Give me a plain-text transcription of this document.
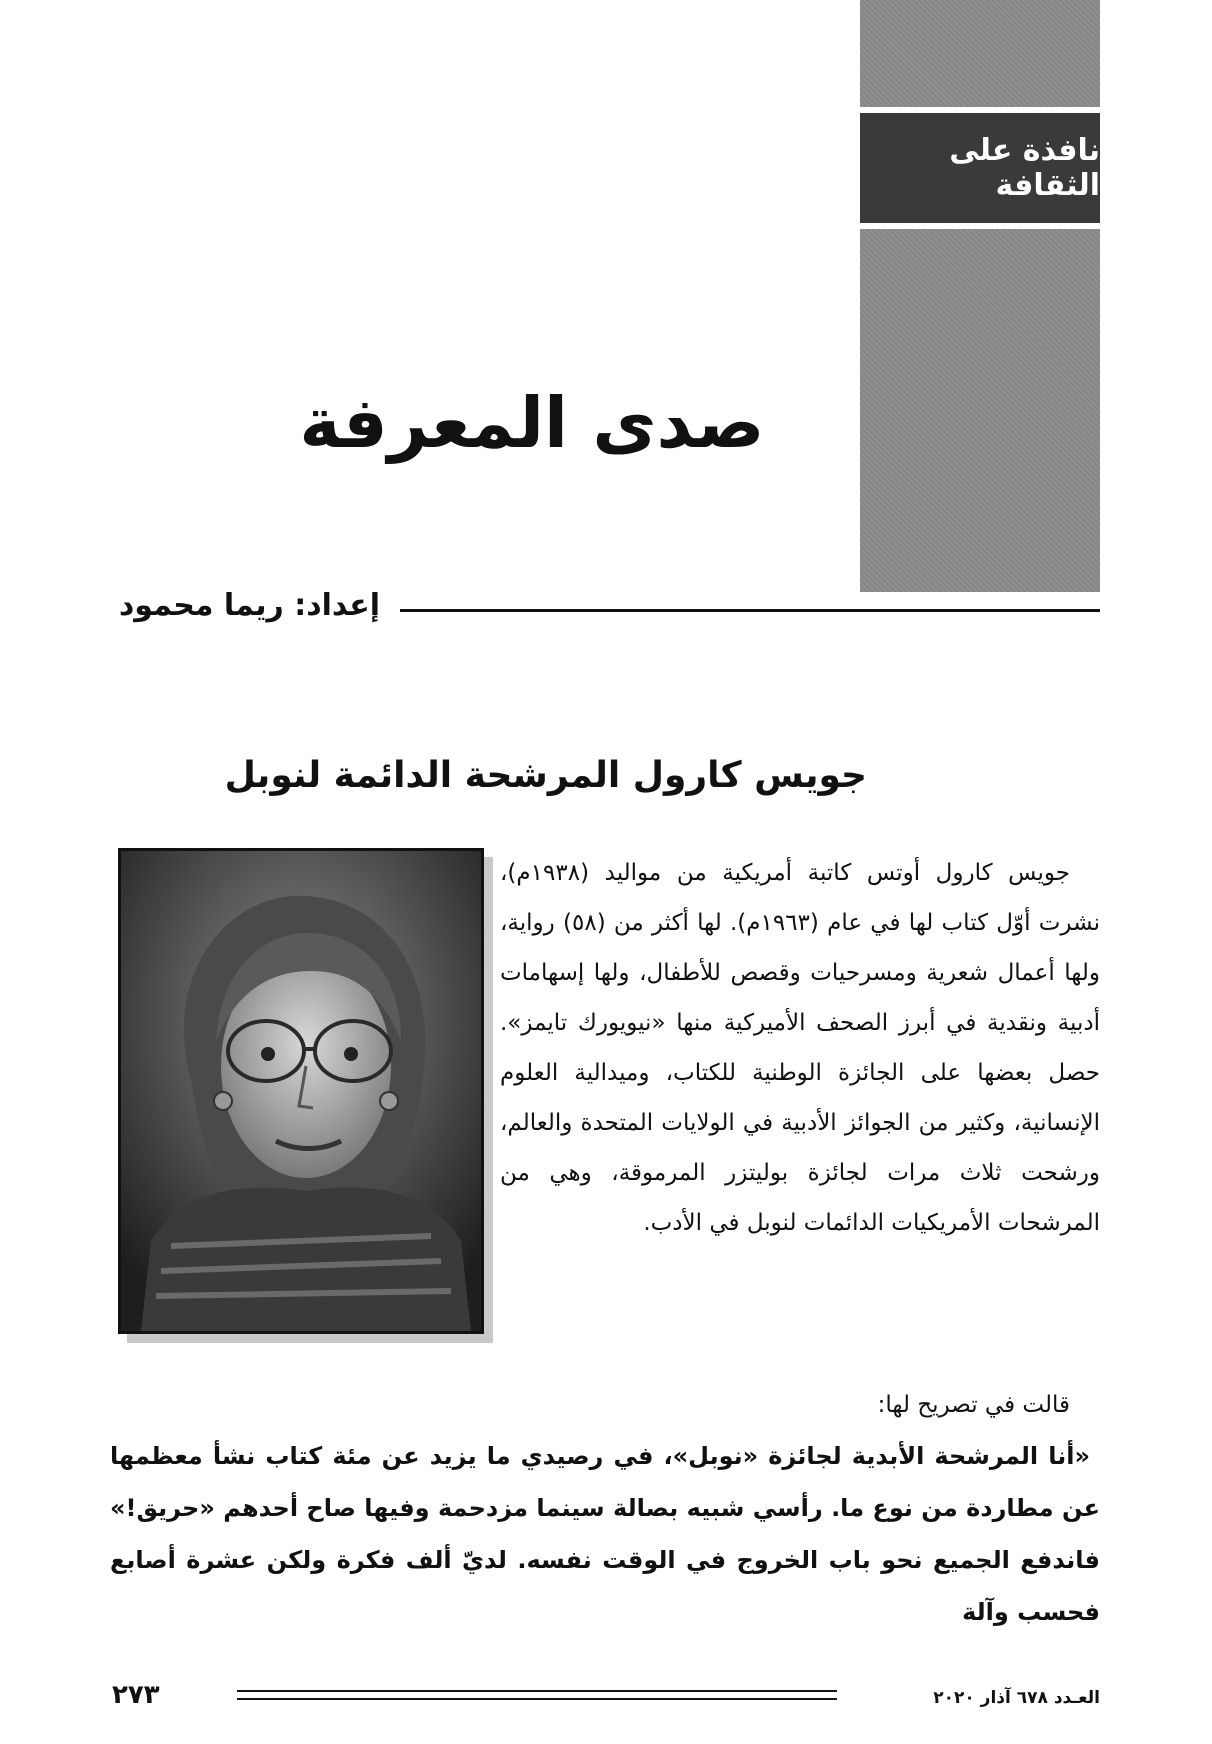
نافذة على الثقافة
صدى المعرفة
إعداد: ريما محمود
جويس كارول المرشحة الدائمة لنوبل

جويس كارول أوتس كاتبة أمريكية من مواليد (١٩٣٨م)، نشرت أوّل كتاب لها في عام (١٩٦٣م). لها أكثر من (٥٨) رواية، ولها أعمال شعرية ومسرحيات وقصص للأطفال، ولها إسهامات أدبية ونقدية في أبرز الصحف الأميركية منها «نيويورك تايمز». حصل بعضها على الجائزة الوطنية للكتاب، وميدالية العلوم الإنسانية، وكثير من الجوائز الأدبية في الولايات المتحدة والعالم، ورشحت ثلاث مرات لجائزة بوليتزر المرموقة، وهي من المرشحات الأمريكيات الدائمات لنوبل في الأدب.

قالت في تصريح لها:

«أنا المرشحة الأبدية لجائزة «نوبل»، في رصيدي ما يزيد عن مئة كتاب نشأ معظمها عن مطاردة من نوع ما. رأسي شبيه بصالة سينما مزدحمة وفيها صاح أحدهم «حريق!» فاندفع الجميع نحو باب الخروج في الوقت نفسه. لديّ ألف فكرة ولكن عشرة أصابع فحسب وآلة

العـدد ٦٧٨ آذار ٢٠٢٠
٢٧٣
